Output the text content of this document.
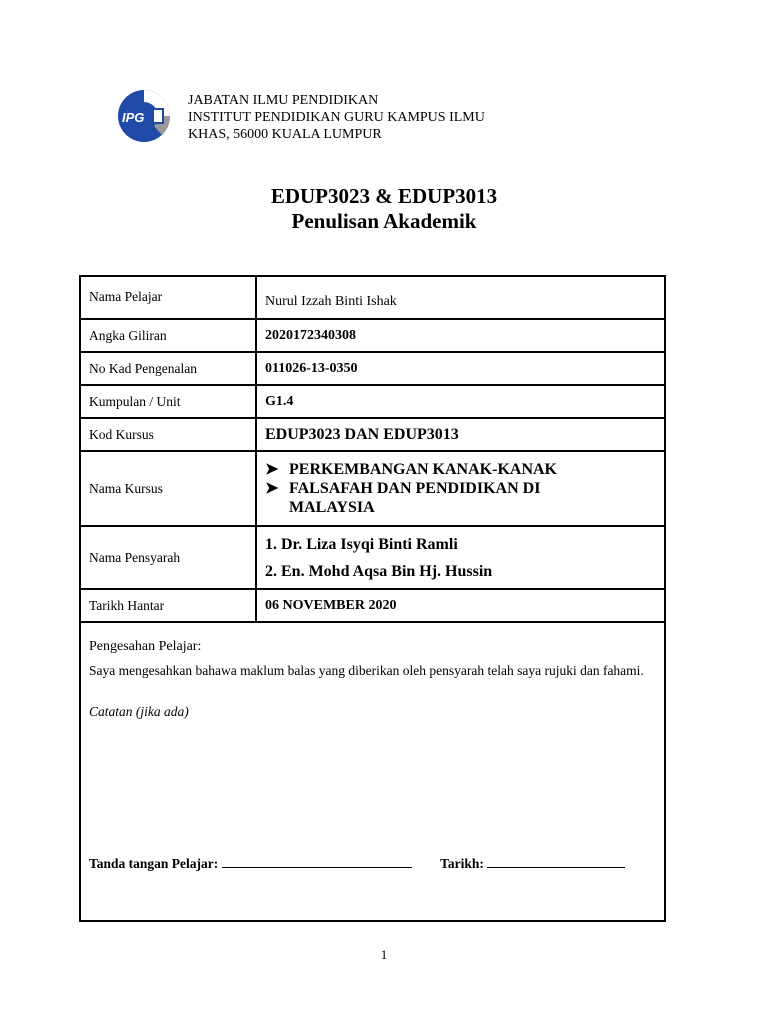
IPG
JABATAN ILMU PENDIDIKAN
INSTITUT PENDIDIKAN GURU KAMPUS ILMU
KHAS, 56000 KUALA LUMPUR
EDUP3023 & EDUP3013
Penulisan Akademik
Nama Pelajar	Nurul Izzah Binti Ishak
Angka Giliran	2020172340308
No Kad Pengenalan	011026-13-0350
Kumpulan / Unit	G1.4
Kod Kursus	EDUP3023 DAN EDUP3013
Nama Kursus	➤ PERKEMBANGAN KANAK-KANAK
➤ FALSAFAH DAN PENDIDIKAN DI MALAYSIA

Nama Pensyarah	1. Dr. Liza Isyqi Binti Ramli
2. En. Mohd Aqsa Bin Hj. Hussin

Tarikh Hantar	06 NOVEMBER 2020

Pengesahan Pelajar:
Saya mengesahkan bahawa maklum balas yang diberikan oleh pensyarah telah saya rujuki dan fahami.
Catatan (jika ada)
Tanda tangan Pelajar: Tarikh:	
1
